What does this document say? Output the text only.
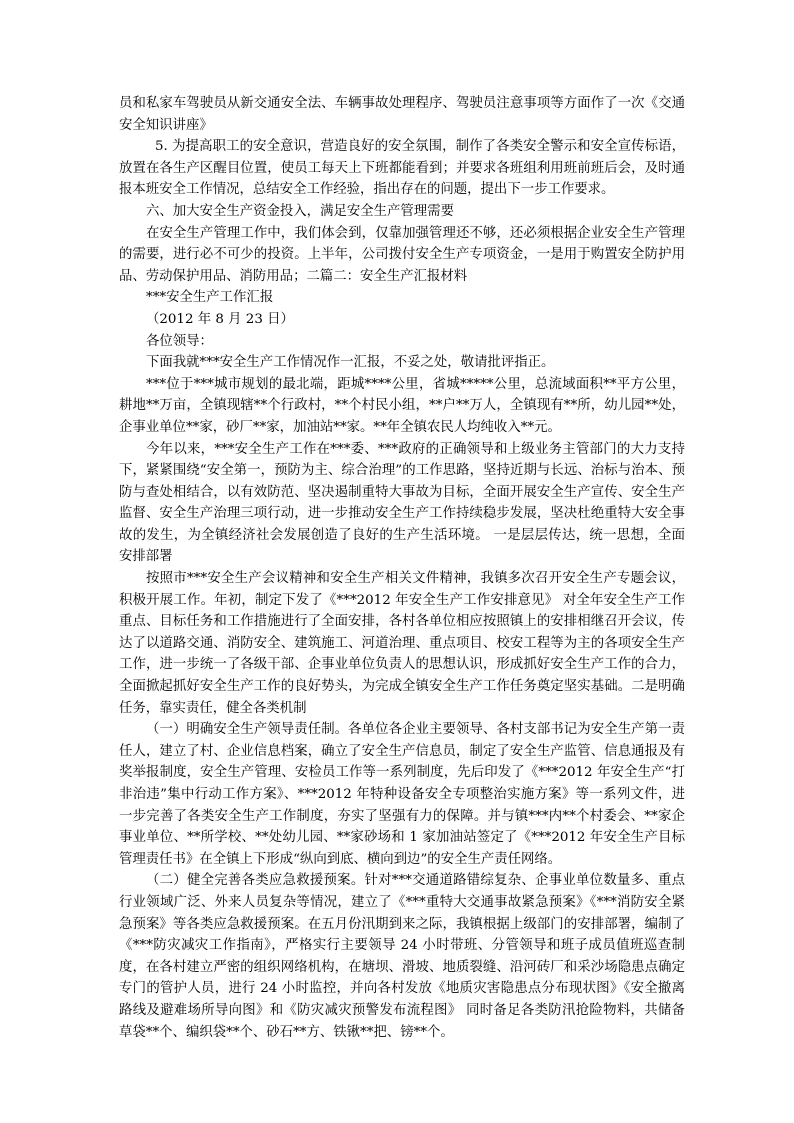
员和私家车驾驶员从新交通安全法、车辆事故处理程序、驾驶员注意事项等方面作了一次《交通安全知识讲座》

5. 为提高职工的安全意识，营造良好的安全氛围，制作了各类安全警示和安全宣传标语，放置在各生产区醒目位置，使员工每天上下班都能看到；并要求各班组利用班前班后会，及时通报本班安全工作情况，总结安全工作经验，指出存在的问题，提出下一步工作要求。

六、加大安全生产资金投入，满足安全生产管理需要

在安全生产管理工作中，我们体会到，仅靠加强管理还不够，还必须根据企业安全生产管理的需要，进行必不可少的投资。上半年，公司拨付安全生产专项资金，一是用于购置安全防护用品、劳动保护用品、消防用品；二篇二：安全生产汇报材料

***安全生产工作汇报

（2012 年 8 月 23 日）

各位领导：

下面我就***安全生产工作情况作一汇报，不妥之处，敬请批评指正。

***位于***城市规划的最北端，距城****公里，省城*****公里，总流域面积**平方公里，耕地**万亩，全镇现辖**个行政村，**个村民小组，**户**万人，全镇现有**所，幼儿园**处，企事业单位**家，砂厂**家，加油站**家。**年全镇农民人均纯收入**元。

今年以来，***安全生产工作在***委、***政府的正确领导和上级业务主管部门的大力支持下，紧紧围绕“安全第一，预防为主、综合治理”的工作思路，坚持近期与长远、治标与治本、预防与查处相结合，以有效防范、坚决遏制重特大事故为目标，全面开展安全生产宣传、安全生产监督、安全生产治理三项行动，进一步推动安全生产工作持续稳步发展，坚决杜绝重特大安全事故的发生，为全镇经济社会发展创造了良好的生产生活环境。 一是层层传达，统一思想，全面安排部署

按照市***安全生产会议精神和安全生产相关文件精神，我镇多次召开安全生产专题会议，积极开展工作。年初，制定下发了《***2012 年安全生产工作安排意见》 对全年安全生产工作重点、目标任务和工作措施进行了全面安排，各村各单位相应按照镇上的安排相继召开会议，传达了以道路交通、消防安全、建筑施工、河道治理、重点项目、校安工程等为主的各项安全生产工作，进一步统一了各级干部、企事业单位负责人的思想认识，形成抓好安全生产工作的合力，全面掀起抓好安全生产工作的良好势头，为完成全镇安全生产工作任务奠定坚实基础。二是明确任务，靠实责任，健全各类机制

（一）明确安全生产领导责任制。各单位各企业主要领导、各村支部书记为安全生产第一责任人，建立了村、企业信息档案，确立了安全生产信息员，制定了安全生产监管、信息通报及有奖举报制度，安全生产管理、安检员工作等一系列制度，先后印发了《***2012 年安全生产“打非治违”集中行动工作方案》、***2012 年特种设备安全专项整治实施方案》等一系列文件，进一步完善了各类安全生产工作制度，夯实了坚强有力的保障。并与镇***内**个村委会、**家企事业单位、**所学校、**处幼儿园、**家砂场和 1 家加油站签定了《***2012 年安全生产目标管理责任书》在全镇上下形成“纵向到底、横向到边”的安全生产责任网络。

（二）健全完善各类应急救援预案。针对***交通道路错综复杂、企事业单位数量多、重点行业领域广泛、外来人员复杂等情况，建立了《***重特大交通事故紧急预案》《***消防安全紧急预案》等各类应急救援预案。在五月份汛期到来之际，我镇根据上级部门的安排部署，编制了《***防灾减灾工作指南》，严格实行主要领导 24 小时带班、分管领导和班子成员值班巡查制度，在各村建立严密的组织网络机构，在塘坝、滑坡、地质裂缝、沿河砖厂和采沙场隐患点确定专门的管护人员，进行 24 小时监控，并向各村发放《地质灾害隐患点分布现状图》《安全撤离路线及避难场所导向图》和《防灾减灾预警发布流程图》 同时备足各类防汛抢险物料，共储备草袋**个、编织袋**个、砂石**方、铁锹**把、镑**个。
